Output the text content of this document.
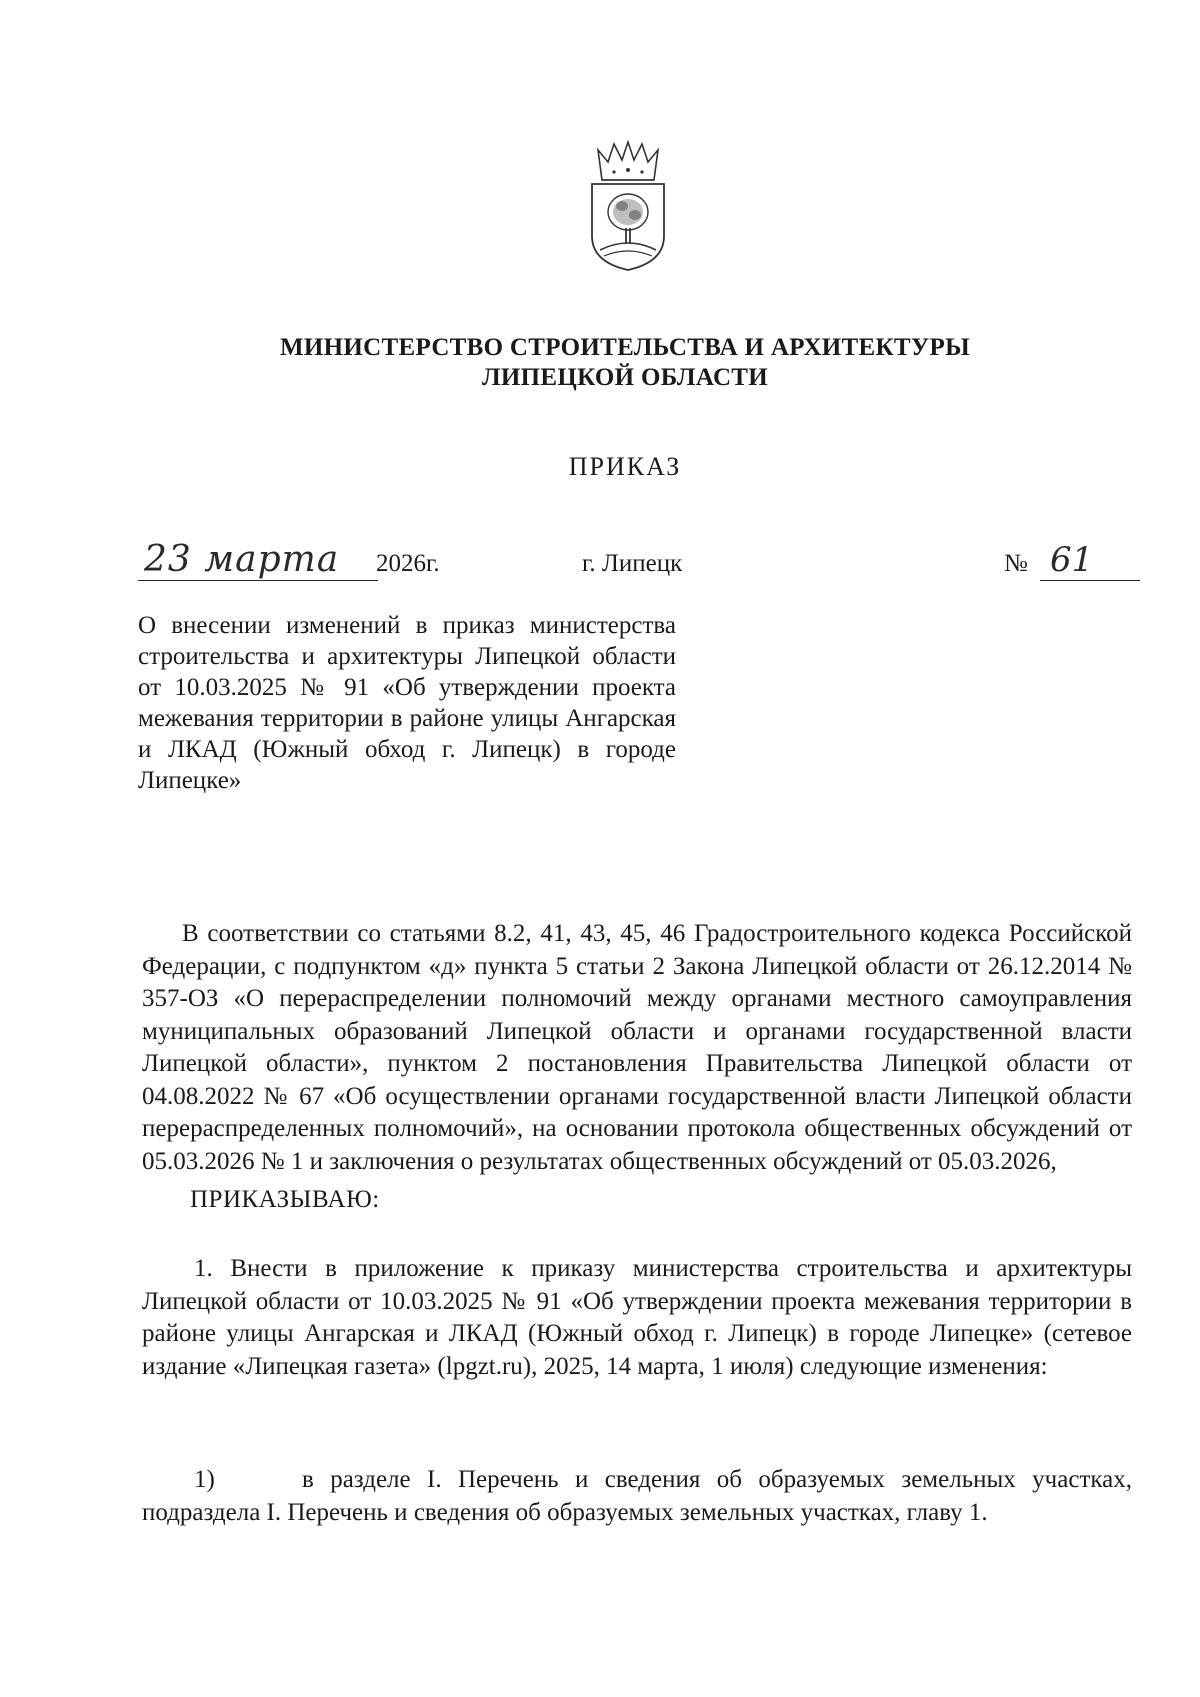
МИНИСТЕРСТВО СТРОИТЕЛЬСТВА И АРХИТЕКТУРЫ
ЛИПЕЦКОЙ ОБЛАСТИ
ПРИКАЗ
23 марта	2026г.	г. Липецк	№ 61
О внесении изменений в приказ министерства строительства и архитектуры Липецкой области от 10.03.2025 № 91 «Об утверждении проекта межевания территории в районе улицы Ангарская и ЛКАД (Южный обход г. Липецк) в городе Липецке»
В соответствии со статьями 8.2, 41, 43, 45, 46 Градостроительного кодекса Российской Федерации, с подпунктом «д» пункта 5 статьи 2 Закона Липецкой области от 26.12.2014 № 357-ОЗ «О перераспределении полномочий между органами местного самоуправления муниципальных образований Липецкой области и органами государственной власти Липецкой области», пунктом 2 постановления Правительства Липецкой области от 04.08.2022 № 67 «Об осуществлении органами государственной власти Липецкой области перераспределенных полномочий», на основании протокола общественных обсуждений от 05.03.2026 № 1 и заключения о результатах общественных обсуждений от 05.03.2026,
ПРИКАЗЫВАЮ:
1. Внести в приложение к приказу министерства строительства и архитектуры Липецкой области от 10.03.2025 № 91 «Об утверждении проекта межевания территории в районе улицы Ангарская и ЛКАД (Южный обход г. Липецк) в городе Липецке» (сетевое издание «Липецкая газета» (lpgzt.ru), 2025, 14 марта, 1 июля) следующие изменения:
1)	в разделе I. Перечень и сведения об образуемых земельных участках, подраздела I. Перечень и сведения об образуемых земельных участках, главу 1.
